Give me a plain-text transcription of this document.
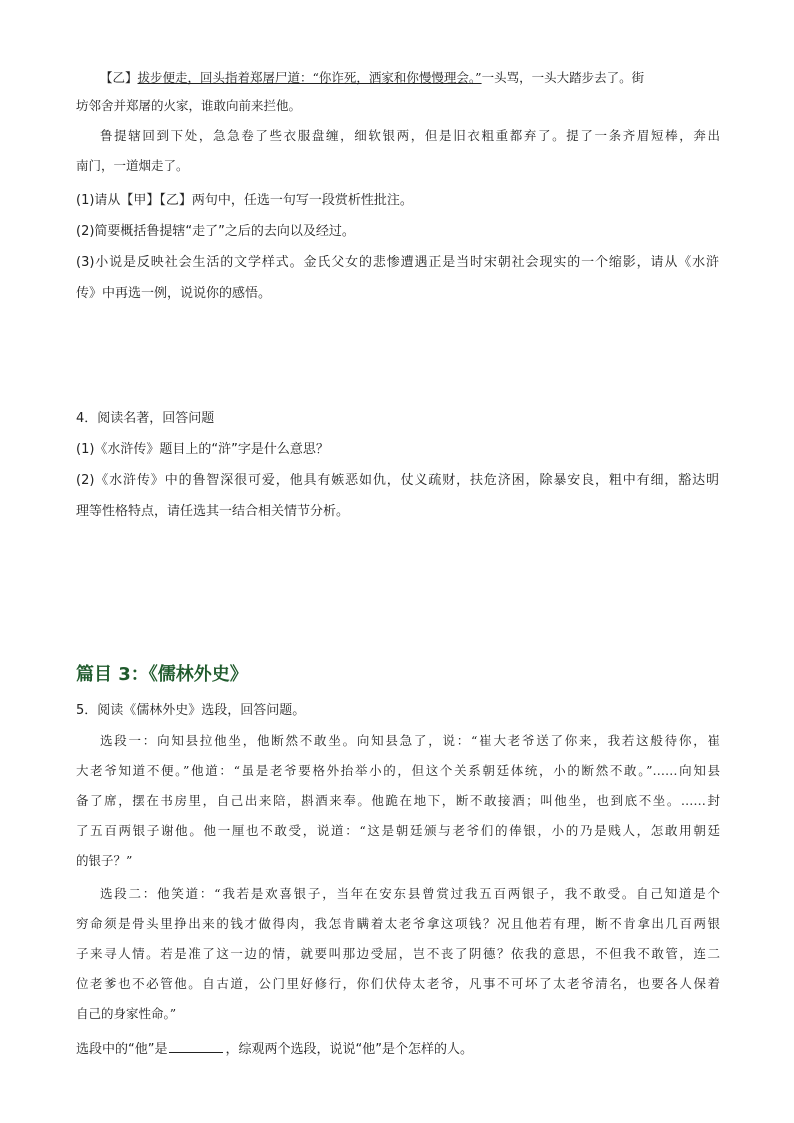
【乙】拔步便走，回头指着郑屠尸道：“你诈死，洒家和你慢慢理会。”一头骂，一头大踏步去了。街

坊邻舍并郑屠的火家，谁敢向前来拦他。

鲁提辖回到下处，急急卷了些衣服盘缠，细软银两，但是旧衣粗重都弃了。提了一条齐眉短棒，奔出

南门，一道烟走了。

(1)请从【甲】【乙】两句中，任选一句写一段赏析性批注。

(2)简要概括鲁提辖“走了”之后的去向以及经过。

(3)小说是反映社会生活的文学样式。金氏父女的悲惨遭遇正是当时宋朝社会现实的一个缩影，请从《水浒

传》中再选一例，说说你的感悟。

4．阅读名著，回答问题

(1)《水浒传》题目上的“浒”字是什么意思？

(2)《水浒传》中的鲁智深很可爱，他具有嫉恶如仇，仗义疏财，扶危济困，除暴安良，粗中有细，豁达明

理等性格特点，请任选其一结合相关情节分析。

篇目 3：《儒林外史》

5．阅读《儒林外史》选段，回答问题。

选段一：向知县拉他坐，他断然不敢坐。向知县急了，说：“崔大老爷送了你来，我若这般待你，崔

大老爷知道不便。”他道：“虽是老爷要格外抬举小的，但这个关系朝廷体统，小的断然不敢。”……向知县

备了席，摆在书房里，自己出来陪，斟酒来奉。他跪在地下，断不敢接酒；叫他坐，也到底不坐。……封

了五百两银子谢他。他一厘也不敢受，说道：“这是朝廷颁与老爷们的俸银，小的乃是贱人，怎敢用朝廷

的银子？”

选段二：他笑道：“我若是欢喜银子，当年在安东县曾赏过我五百两银子，我不敢受。自己知道是个

穷命须是骨头里挣出来的钱才做得肉，我怎肯瞒着太老爷拿这项钱？况且他若有理，断不肯拿出几百两银

子来寻人情。若是准了这一边的情，就要叫那边受屈，岂不丧了阴德？依我的意思，不但我不敢管，连二

位老爹也不必管他。自古道，公门里好修行，你们伏侍太老爷，凡事不可坏了太老爷清名，也要各人保着

自己的身家性命。”

选段中的“他”是	，综观两个选段，说说“他”是个怎样的人。
